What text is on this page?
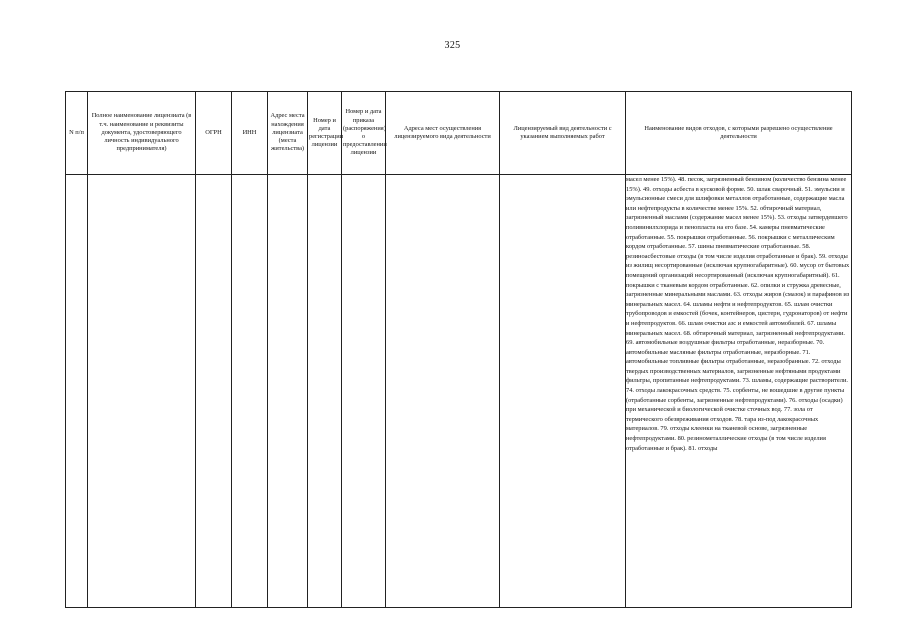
325
N п/п	Полное наименование лицензиата (в т.ч. наименование и реквизиты документа, удостоверяющего личность индивидуального предпринимателя)	ОГРН	ИНН	Адрес места нахождения лицензиата (места жительства)	Номер и дата регистрации лицензии	Номер и дата приказа (распоряжения) о предоставлении лицензии	Адреса мест осуществления лицензируемого вида деятельности	Лицензируемый вид деятельности с указанием выполняемых работ	Наименование видов отходов, с которыми разрешено осуществление деятельности
									масел менее 15%). 48. песок, загрязненный бензином (количество бензина менее 15%). 49. отходы асбеста в кусковой форме. 50. шлак сварочный. 51. эмульсии и эмульсионные смеси для шлифовки металлов отработанные, содержащие масла или нефтепродукты в количестве менее 15%. 52. обтирочный материал, загрязненный маслами (содержание масел менее 15%). 53. отходы затвердевшего поливинилхлорида и пенопласта на его базе. 54. камеры пневматические отработанные. 55. покрышки отработанные. 56. покрышки с металлическим кордом отработанные. 57. шины пневматические отработанные. 58. резиноасбестовые отходы (в том числе изделия отработанные и брак). 59. отходы из жилищ несортированные (исключая крупногабаритные). 60. мусор от бытовых помещений организаций несортированный (исключая крупногабаритный). 61. покрышки с тканевым кордом отработанные. 62. опилки и стружка древесные, загрязненные минеральными маслами. 63. отходы жиров (смазок) и парафинов из минеральных масел. 64. шламы нефти и нефтепродуктов. 65. шлам очистки трубопроводов и емкостей (бочек, контейнеров, цистерн, гудронаторов) от нефти и нефтепродуктов. 66. шлам очистки азс и емкостей автомобилей. 67. шламы минеральных масел. 68. обтирочный материал, загрязненный нефтепродуктами. 69. автомобильные воздушные фильтры отработанные, неразборные. 70. автомобильные масляные фильтры отработанные, неразборные. 71. автомобильные топливные фильтры отработанные, неразобранные. 72. отходы твердых производственных материалов, загрязненные нефтяными продуктами фильтры, пропитанные нефтепродуктами. 73. шламы, содержащие растворители. 74. отходы лакокрасочных средств. 75. сорбенты, не вошедшие в другие пункты (отработанные сорбенты, загрязненные нефтепродуктами). 76. отходы (осадки) при механической и биологической очистке сточных вод. 77. зола от термического обезвреживания отходов. 78. тара из-под лакокрасочных материалов. 79. отходы клеенки на тканевой основе, загрязненные нефтепродуктами. 80. резинометаллические отходы (в том числе изделия отработанные и брак). 81. отходы
